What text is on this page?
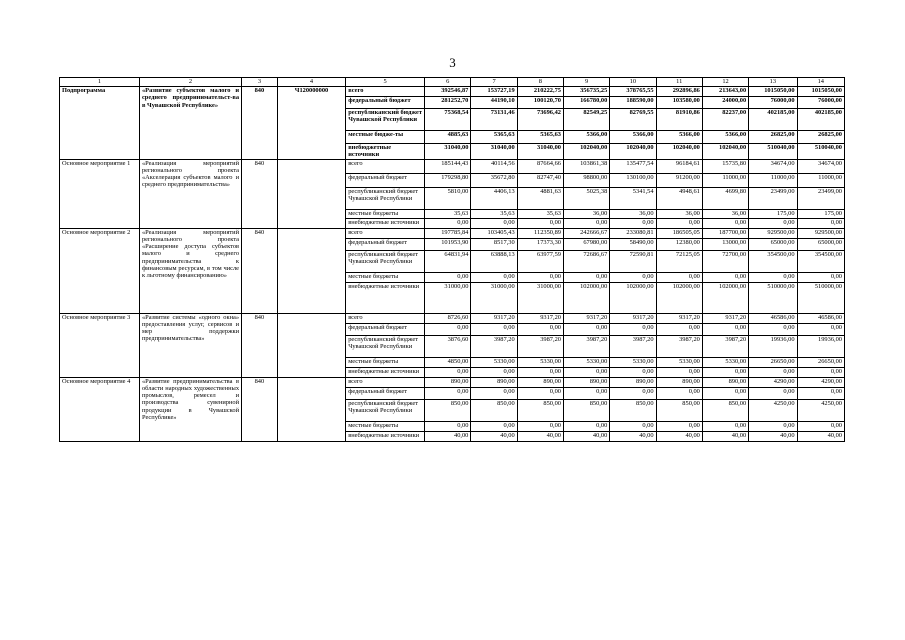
3
1	2	3	4	5	6	7	8	9	10	11	12	13	14
Подпрограмма	«Развитие субъектов малого и среднего предпринимательст-ва в Чувашской Республике»	840	Ч120000000	всего	392546,87	153727,19	210222,75	356735,25	378765,55	292896,86	213643,00	1015050,00	1015050,00
				федеральный бюджет	281252,70	44190,10	100120,70	166780,00	188590,00	103580,00	24000,00	76000,00	76000,00
				республиканский бюджет Чувашской Республики	75368,54	73131,46	73696,42	82549,25	82769,55	81910,86	82237,00	402185,00	402185,00
				местные бюдже-ты	4885,63	5365,63	5365,63	5366,00	5366,00	5366,00	5366,00	26825,00	26825,00
				внебюджетные источники	31040,00	31040,00	31040,00	102040,00	102040,00	102040,00	102040,00	510040,00	510040,00
Основное мероприятие 1	«Реализация мероприятий регионального проекта «Акселерация субъектов малого и среднего предпринимательства»	840		всего	185144,43	40114,56	87664,66	103861,38	135477,54	96184,61	15735,80	34674,00	34674,00
				федеральный бюджет	179298,80	35672,80	82747,40	98800,00	130100,00	91200,00	11000,00	11000,00	11000,00
				республиканский бюджет Чувашской Республики	5810,00	4406,13	4881,63	5025,38	5341,54	4948,61	4699,80	23499,00	23499,00
				местные бюджеты	35,63	35,63	35,63	36,00	36,00	36,00	36,00	175,00	175,00
				внебюджетные источники	0,00	0,00	0,00	0,00	0,00	0,00	0,00	0,00	0,00
Основное мероприятие 2	«Реализация мероприятий регионального проекта «Расширение доступа субъектов малого и среднего предпринимательства к финансовым ресурсам, в том числе к льготному финансированию»	840		всего	197785,84	103405,43	112350,89	242666,67	233080,81	186505,05	187700,00	929500,00	929500,00
				федеральный бюджет	101953,90	8517,30	17373,30	67980,00	58490,00	12380,00	13000,00	65000,00	65000,00
				республиканский бюджет Чувашской Республики	64831,94	63888,13	63977,59	72686,67	72590,81	72125,05	72700,00	354500,00	354500,00
				местные бюджеты	0,00	0,00	0,00	0,00	0,00	0,00	0,00	0,00	0,00
				внебюджетные источники	31000,00	31000,00	31000,00	102000,00	102000,00	102000,00	102000,00	510000,00	510000,00
Основное мероприятие 3	«Развитие системы «одного окна» предоставления услуг, сервисов и мер поддержки предпринимательства»	840		всего	8726,60	9317,20	9317,20	9317,20	9317,20	9317,20	9317,20	46586,00	46586,00
				федеральный бюджет	0,00	0,00	0,00	0,00	0,00	0,00	0,00	0,00	0,00
				республиканский бюджет Чувашской Республики	3876,60	3987,20	3987,20	3987,20	3987,20	3987,20	3987,20	19936,00	19936,00
				местные бюджеты	4850,00	5330,00	5330,00	5330,00	5330,00	5330,00	5330,00	26650,00	26650,00
				внебюджетные источники	0,00	0,00	0,00	0,00	0,00	0,00	0,00	0,00	0,00
Основное мероприятие 4	«Развитие предпринимательства в области народных художественных промыслов, ремесел и производства сувенирной продукции в Чувашской Республике»	840		всего	890,00	890,00	890,00	890,00	890,00	890,00	890,00	4290,00	4290,00
				федеральный бюджет	0,00	0,00	0,00	0,00	0,00	0,00	0,00	0,00	0,00
				республиканский бюджет Чувашской Республики	850,00	850,00	850,00	850,00	850,00	850,00	850,00	4250,00	4250,00
				местные бюджеты	0,00	0,00	0,00	0,00	0,00	0,00	0,00	0,00	0,00
				внебюджетные источники	40,00	40,00	40,00	40,00	40,00	40,00	40,00	40,00	40,00
